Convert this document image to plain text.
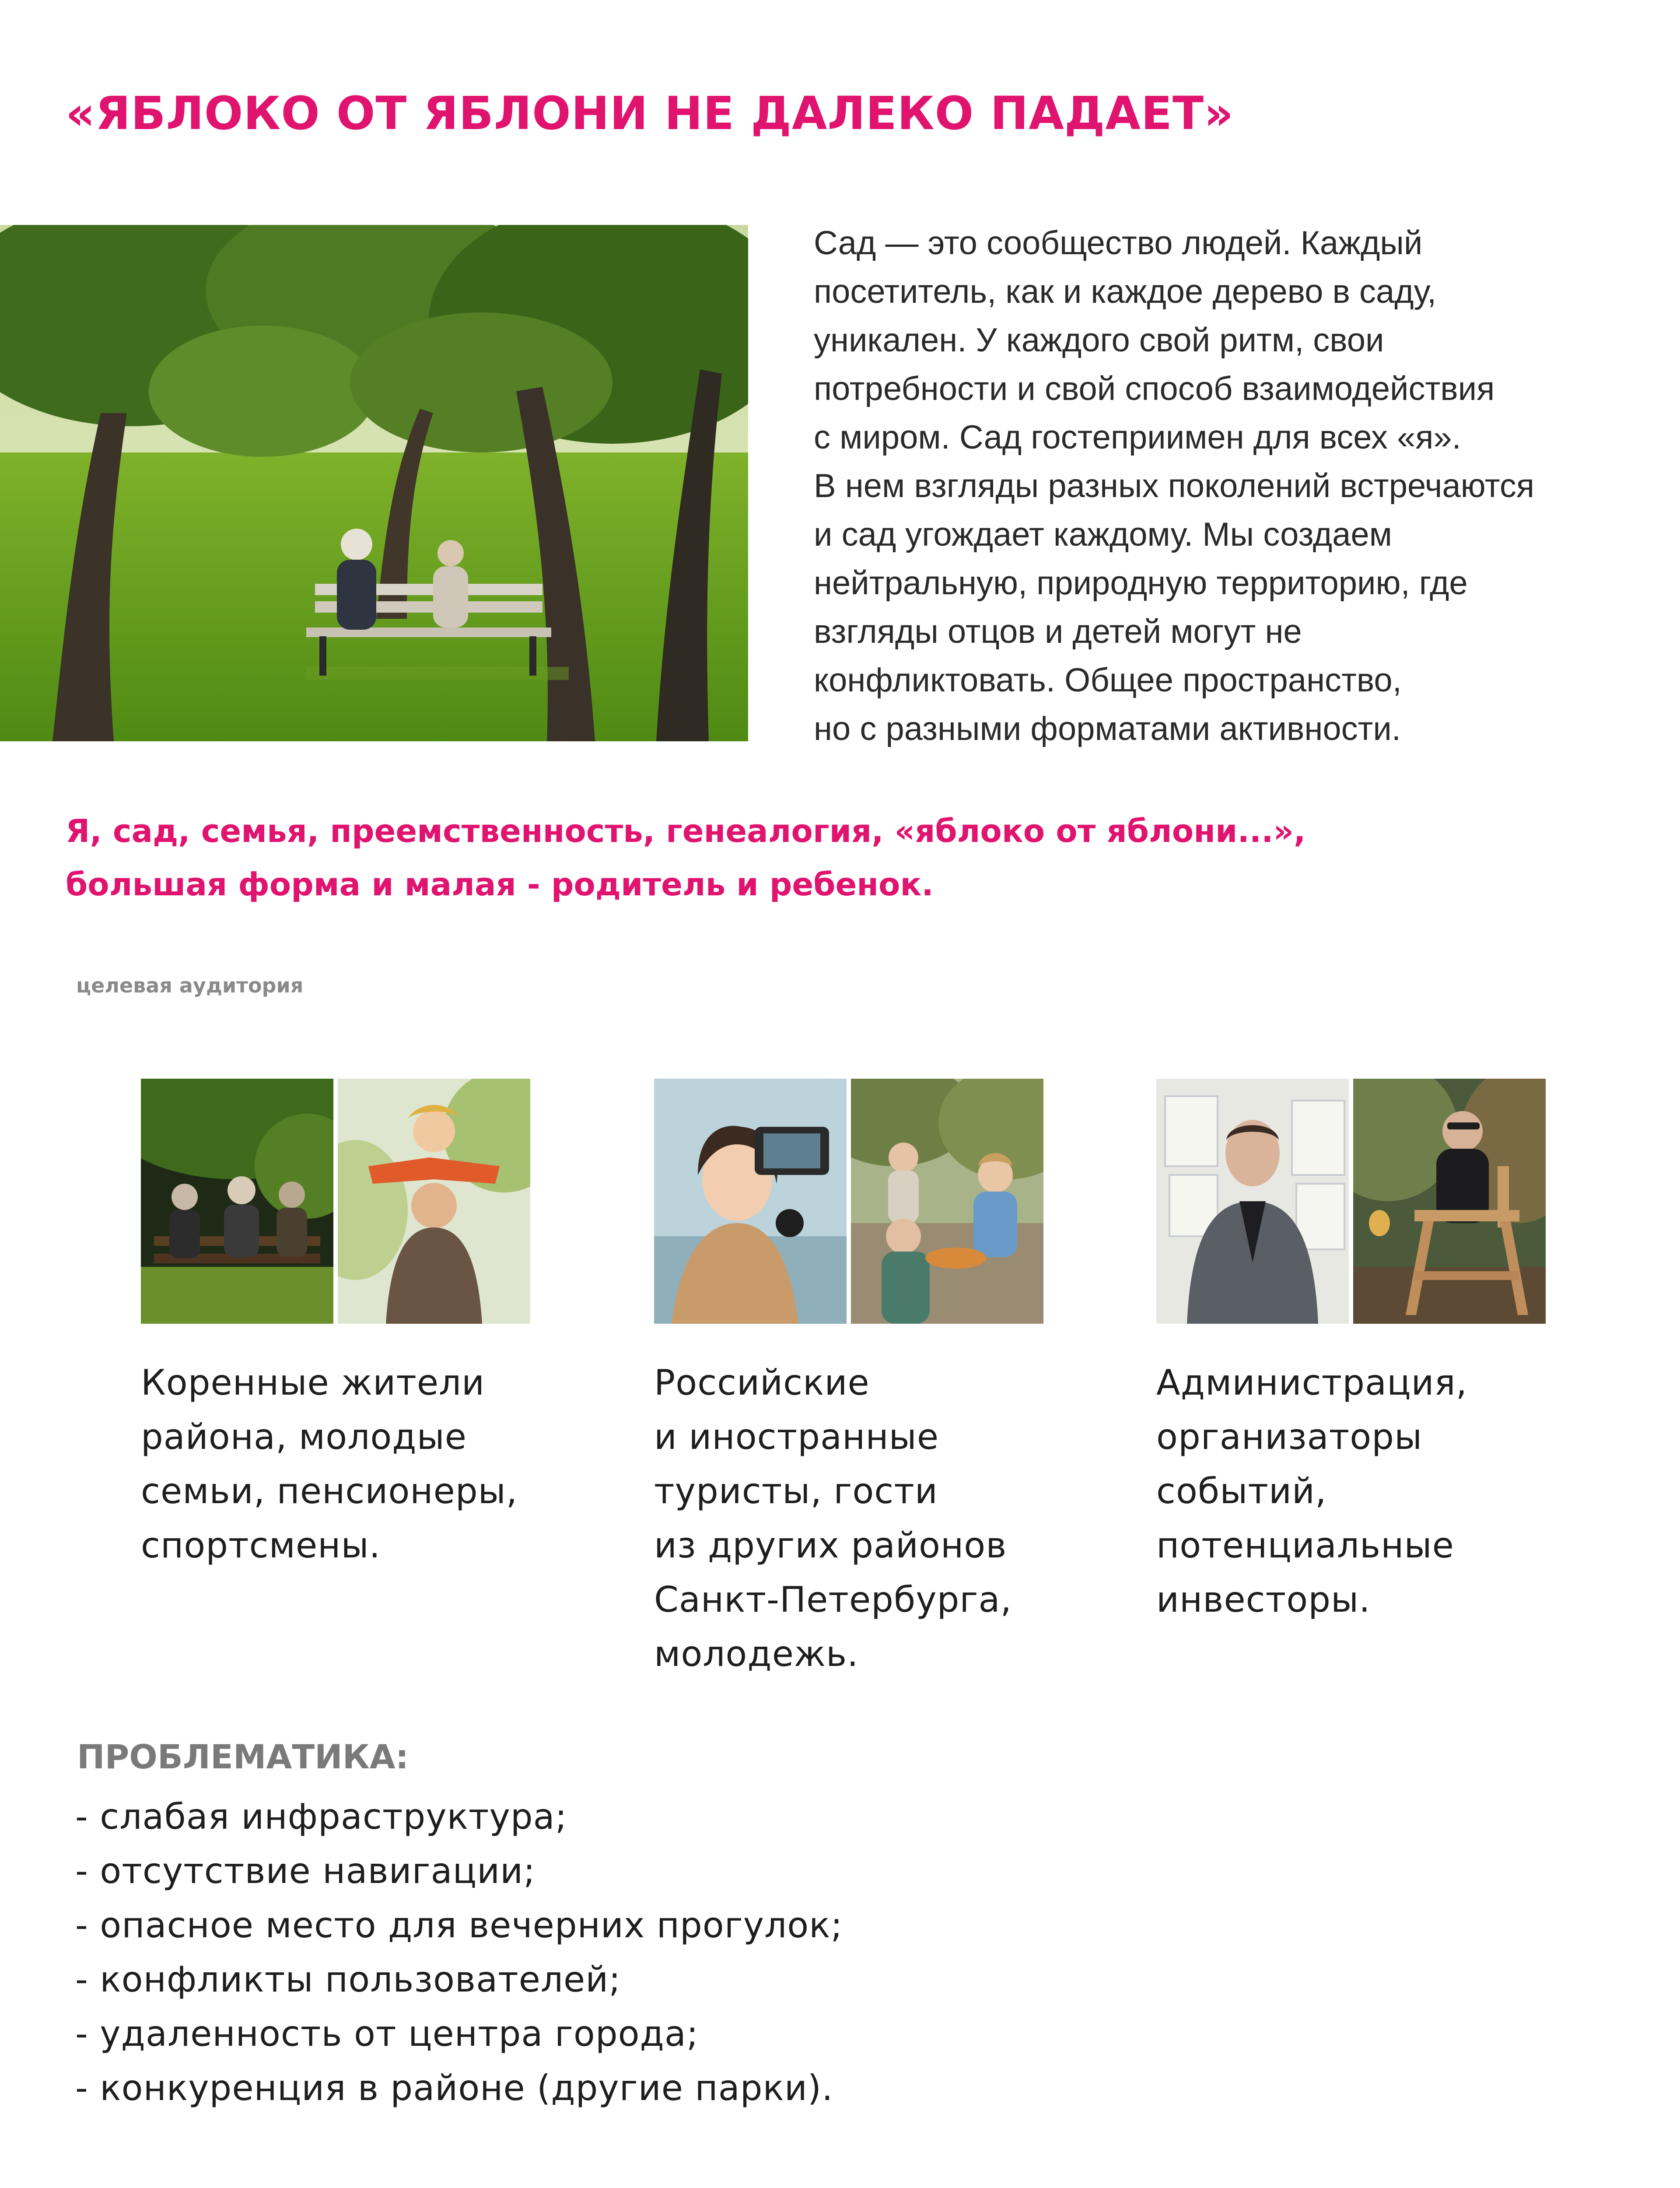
«ЯБЛОКО ОТ ЯБЛОНИ НЕ ДАЛЕКО ПАДАЕТ»
Сад — это сообщество людей. Каждый
посетитель, как и каждое дерево в саду,
уникален. У каждого свой ритм, свои
потребности и свой способ взаимодействия
с миром. Сад гостеприимен для всех «я».
В нем взгляды разных поколений встречаются
и сад угождает каждому. Мы создаем
нейтральную, природную территорию, где
взгляды отцов и детей могут не
конфликтовать. Общее пространство,
но с разными форматами активности.
Я, сад, семья, преемственность, генеалогия, «яблоко от яблони...»,
большая форма и малая - родитель и ребенок.
целевая аудитория
Коренные жители
района, молодые
семьи, пенсионеры,
спортсмены.
Российские
и иностранные
туристы, гости
из других районов
Санкт-Петербурга,
молодежь.
Администрация,
организаторы
событий,
потенциальные
инвесторы.
ПРОБЛЕМАТИКА:
- слабая инфраструктура;
- отсутствие навигации;
- опасное место для вечерних прогулок;
- конфликты пользователей;
- удаленность от центра города;
- конкуренция в районе (другие парки).
